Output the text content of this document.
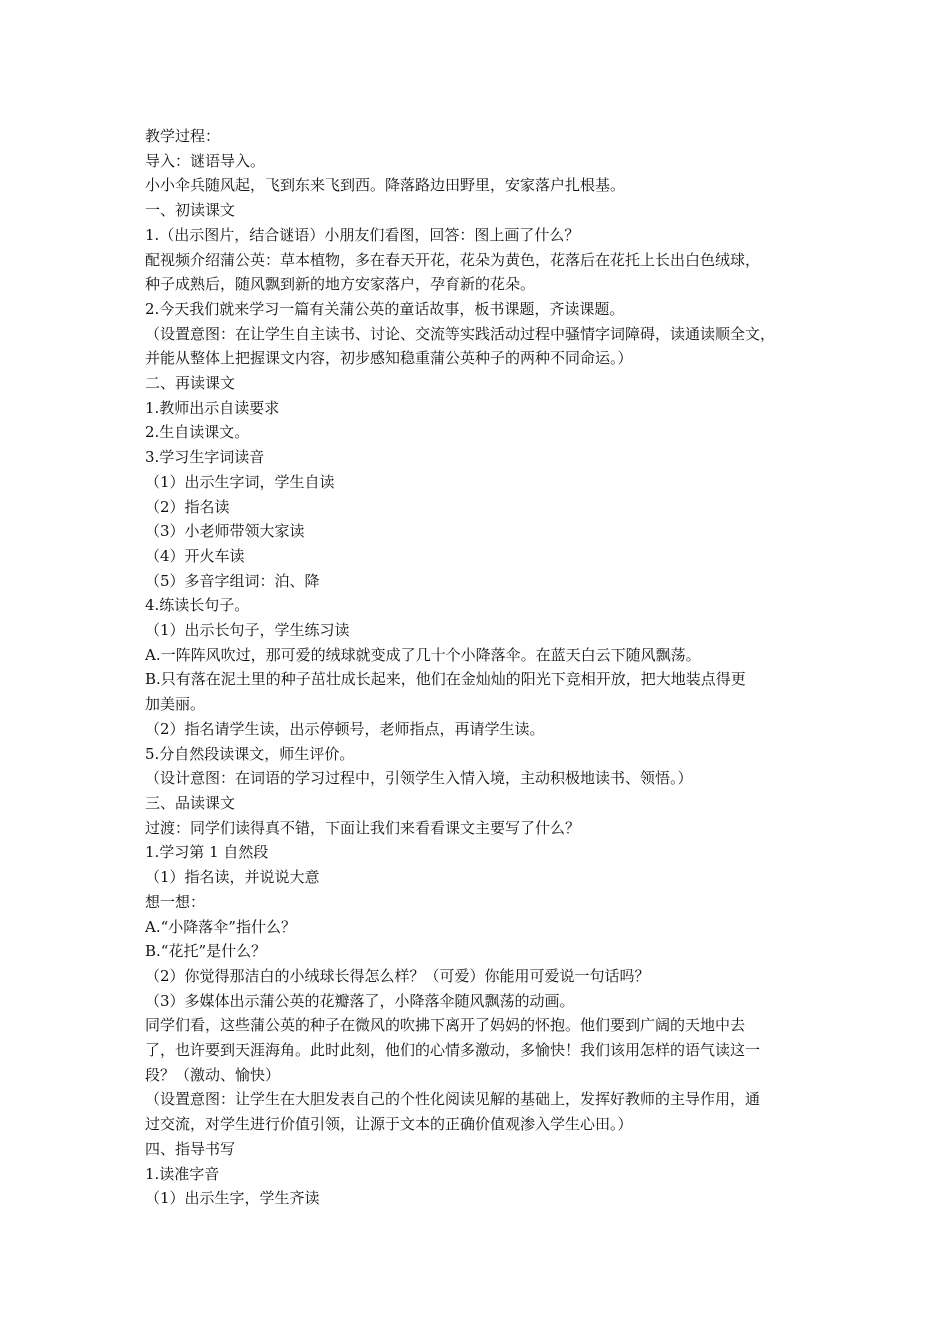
教学过程：
导入：谜语导入。
小小伞兵随风起，飞到东来飞到西。降落路边田野里，安家落户扎根基。
一、初读课文
1.（出示图片，结合谜语）小朋友们看图，回答：图上画了什么？
配视频介绍蒲公英：草本植物，多在春天开花，花朵为黄色，花落后在花托上长出白色绒球，
种子成熟后，随风飘到新的地方安家落户，孕育新的花朵。
2.今天我们就来学习一篇有关蒲公英的童话故事，板书课题，齐读课题。
（设置意图：在让学生自主读书、讨论、交流等实践活动过程中骚情字词障碍，读通读顺全文，
并能从整体上把握课文内容，初步感知稳重蒲公英种子的两种不同命运。）
二、再读课文
1.教师出示自读要求
2.生自读课文。
3.学习生字词读音
（1）出示生字词，学生自读
（2）指名读
（3）小老师带领大家读
（4）开火车读
（5）多音字组词：泊、降
4.练读长句子。
（1）出示长句子，学生练习读
A.一阵阵风吹过，那可爱的绒球就变成了几十个小降落伞。在蓝天白云下随风飘荡。
B.只有落在泥土里的种子茁壮成长起来，他们在金灿灿的阳光下竞相开放，把大地装点得更
加美丽。
（2）指名请学生读，出示停顿号，老师指点，再请学生读。
5.分自然段读课文，师生评价。
（设计意图：在词语的学习过程中，引领学生入情入境，主动积极地读书、领悟。）
三、品读课文
过渡：同学们读得真不错，下面让我们来看看课文主要写了什么？
1.学习第 1 自然段
（1）指名读，并说说大意
想一想：
A.“小降落伞”指什么？
B.“花托”是什么？
（2）你觉得那洁白的小绒球长得怎么样？（可爱）你能用可爱说一句话吗？
（3）多媒体出示蒲公英的花瓣落了，小降落伞随风飘荡的动画。
同学们看，这些蒲公英的种子在微风的吹拂下离开了妈妈的怀抱。他们要到广阔的天地中去
了，也许要到天涯海角。此时此刻，他们的心情多激动，多愉快！我们该用怎样的语气读这一
段？（激动、愉快）
（设置意图：让学生在大胆发表自己的个性化阅读见解的基础上，发挥好教师的主导作用，通
过交流，对学生进行价值引领，让源于文本的正确价值观渗入学生心田。）
四、指导书写
1.读准字音
（1）出示生字，学生齐读
